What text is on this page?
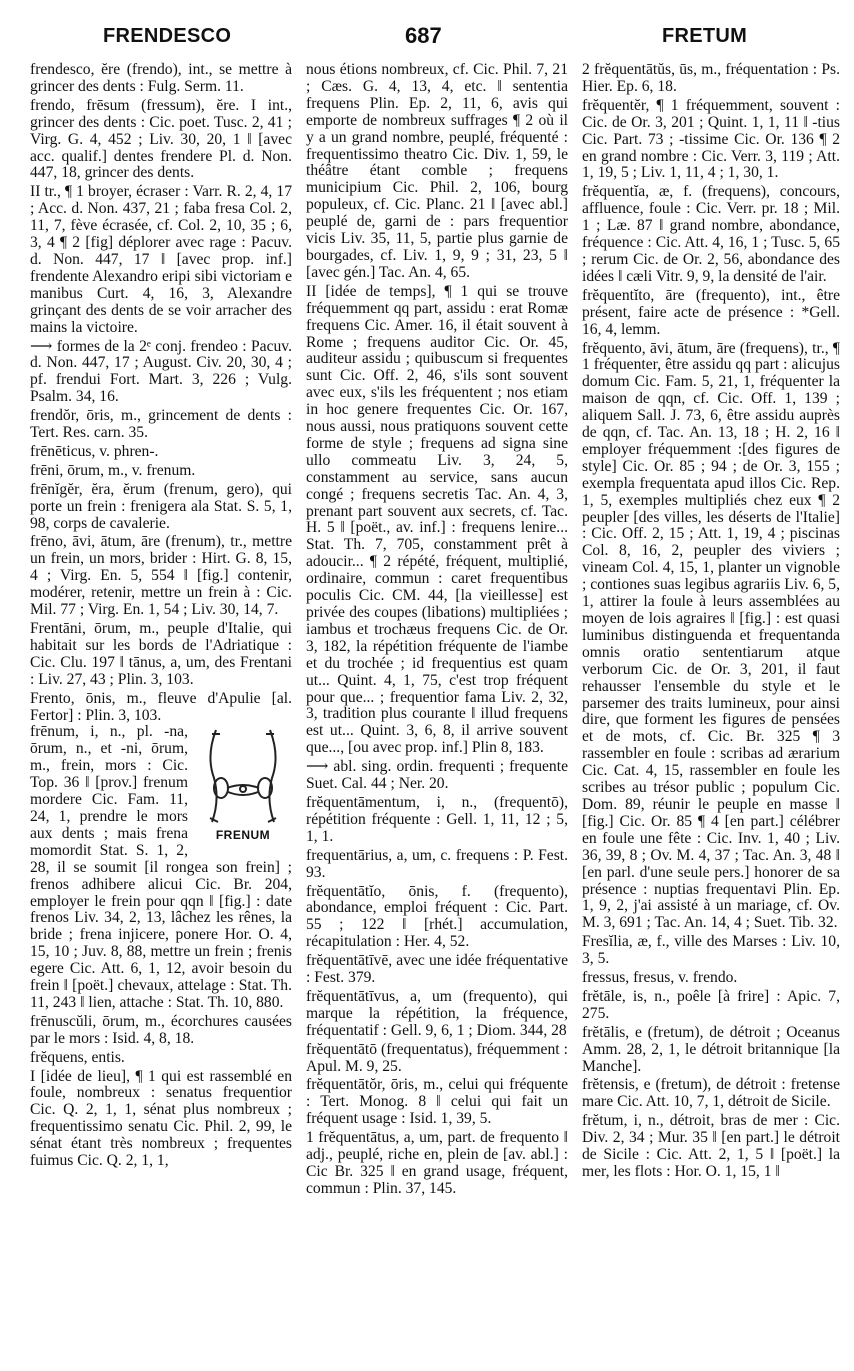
FRENDESCO	687	FRETUM

frendesco, ĕre (frendo), int., se mettre à grincer des dents : Fulg. Serm. 11.

frendo, frēsum (fressum), ĕre. I int., grincer des dents : Cic. poet. Tusc. 2, 41 ; Virg. G. 4, 452 ; Liv. 30, 20, 1 ‖ [avec acc. qualif.] dentes frendere Pl. d. Non. 447, 18, grincer des dents.

II tr., ¶ 1 broyer, écraser : Varr. R. 2, 4, 17 ; Acc. d. Non. 437, 21 ; faba fresa Col. 2, 11, 7, fève écrasée, cf. Col. 2, 10, 35 ; 6, 3, 4 ¶ 2 [fig] déplorer avec rage : Pacuv. d. Non. 447, 17 ‖ [avec prop. inf.] frendente Alexandro eripi sibi victoriam e manibus Curt. 4, 16, 3, Alexandre grinçant des dents de se voir arracher des mains la victoire.

⟶ formes de la 2ᵉ conj. frendeo : Pacuv. d. Non. 447, 17 ; August. Civ. 20, 30, 4 ; pf. frendui Fort. Mart. 3, 226 ; Vulg. Psalm. 34, 16.

frendŏr, ōris, m., grincement de dents : Tert. Res. carn. 35.

frēnēticus, v. phren-.

frēni, ōrum, m., v. frenum.

frēnĭgĕr, ĕra, ĕrum (frenum, gero), qui porte un frein : frenigera ala Stat. S. 5, 1, 98, corps de cavalerie.

frēno, āvi, ātum, āre (frenum), tr., mettre un frein, un mors, brider : Hirt. G. 8, 15, 4 ; Virg. En. 5, 554 ‖ [fig.] contenir, modérer, retenir, mettre un frein à : Cic. Mil. 77 ; Virg. En. 1, 54 ; Liv. 30, 14, 7.

Frentāni, ōrum, m., peuple d'Italie, qui habitait sur les bords de l'Adriatique : Cic. Clu. 197 ‖ tānus, a, um, des Frentani : Liv. 27, 43 ; Plin. 3, 103.

Frento, ōnis, m., fleuve d'Apulie [al. Fertor] : Plin. 3, 103.

FRENUM

frēnum, i, n., pl. -na, ōrum, n., et -ni, ōrum, m., frein, mors : Cic. Top. 36 ‖ [prov.] frenum mordere Cic. Fam. 11, 24, 1, prendre le mors aux dents ; mais frena momordit Stat. S. 1, 2, 28, il se soumit [il rongea son frein] ; frenos adhibere alicui Cic. Br. 204, employer le frein pour qqn ‖ [fig.] : date frenos Liv. 34, 2, 13, lâchez les rênes, la bride ; frena injicere, ponere Hor. O. 4, 15, 10 ; Juv. 8, 88, mettre un frein ; frenis egere Cic. Att. 6, 1, 12, avoir besoin du frein ‖ [poët.] chevaux, attelage : Stat. Th. 11, 243 ‖ lien, attache : Stat. Th. 10, 880.

frēnuscŭli, ōrum, m., écorchures causées par le mors : Isid. 4, 8, 18.

frĕquens, entis.

I [idée de lieu], ¶ 1 qui est rassemblé en foule, nombreux : senatus frequentior Cic. Q. 2, 1, 1, sénat plus nombreux ; frequentissimo senatu Cic. Phil. 2, 99, le sénat étant très nombreux ; frequentes fuimus Cic. Q. 2, 1, 1,

nous étions nombreux, cf. Cic. Phil. 7, 21 ; Cæs. G. 4, 13, 4, etc. ‖ sententia frequens Plin. Ep. 2, 11, 6, avis qui emporte de nombreux suffrages ¶ 2 où il y a un grand nombre, peuplé, fréquenté : frequentissimo theatro Cic. Div. 1, 59, le théâtre étant comble ; frequens municipium Cic. Phil. 2, 106, bourg populeux, cf. Cic. Planc. 21 ‖ [avec abl.] peuplé de, garni de : pars frequentior vicis Liv. 35, 11, 5, partie plus garnie de bourgades, cf. Liv. 1, 9, 9 ; 31, 23, 5 ‖ [avec gén.] Tac. An. 4, 65.

II [idée de temps], ¶ 1 qui se trouve fréquemment qq part, assidu : erat Romæ frequens Cic. Amer. 16, il était souvent à Rome ; frequens auditor Cic. Or. 45, auditeur assidu ; quibuscum si frequentes sunt Cic. Off. 2, 46, s'ils sont souvent avec eux, s'ils les fréquentent ; nos etiam in hoc genere frequentes Cic. Or. 167, nous aussi, nous pratiquons souvent cette forme de style ; frequens ad signa sine ullo commeatu Liv. 3, 24, 5, constamment au service, sans aucun congé ; frequens secretis Tac. An. 4, 3, prenant part souvent aux secrets, cf. Tac. H. 5 ‖ [poët., av. inf.] : frequens lenire... Stat. Th. 7, 705, constamment prêt à adoucir... ¶ 2 répété, fréquent, multiplié, ordinaire, commun : caret frequentibus poculis Cic. CM. 44, [la vieillesse] est privée des coupes (libations) multipliées ; iambus et trochæus frequens Cic. de Or. 3, 182, la répétition fréquente de l'iambe et du trochée ; id frequentius est quam ut... Quint. 4, 1, 75, c'est trop fréquent pour que... ; frequentior fama Liv. 2, 32, 3, tradition plus courante ‖ illud frequens est ut... Quint. 3, 6, 8, il arrive souvent que..., [ou avec prop. inf.] Plin 8, 183.

⟶ abl. sing. ordin. frequenti ; frequente Suet. Cal. 44 ; Ner. 20.

frĕquentāmentum, i, n., (frequentō), répétition fréquente : Gell. 1, 11, 12 ; 5, 1, 1.

frequentārius, a, um, c. frequens : P. Fest. 93.

frĕquentātĭo, ōnis, f. (frequento), abondance, emploi fréquent : Cic. Part. 55 ; 122 ‖ [rhét.] accumulation, récapitulation : Her. 4, 52.

frĕquentātīvē, avec une idée fréquentative : Fest. 379.

frĕquentātīvus, a, um (frequento), qui marque la répétition, la fréquence, fréquentatif : Gell. 9, 6, 1 ; Diom. 344, 28

frĕquentātō (frequentatus), fréquemment : Apul. M. 9, 25.

frĕquentātŏr, ōris, m., celui qui fréquente : Tert. Monog. 8 ‖ celui qui fait un fréquent usage : Isid. 1, 39, 5.

1 frĕquentātus, a, um, part. de frequento ‖ adj., peuplé, riche en, plein de [av. abl.] : Cic Br. 325 ‖ en grand usage, fréquent, commun : Plin. 37, 145.

2 frĕquentātŭs, ūs, m., fréquentation : Ps. Hier. Ep. 6, 18.

frĕquentĕr, ¶ 1 fréquemment, souvent : Cic. de Or. 3, 201 ; Quint. 1, 1, 11 ‖ -tius Cic. Part. 73 ; -tissime Cic. Or. 136 ¶ 2 en grand nombre : Cic. Verr. 3, 119 ; Att. 1, 19, 5 ; Liv. 1, 11, 4 ; 1, 30, 1.

frĕquentĭa, æ, f. (frequens), concours, affluence, foule : Cic. Verr. pr. 18 ; Mil. 1 ; Læ. 87 ‖ grand nombre, abondance, fréquence : Cic. Att. 4, 16, 1 ; Tusc. 5, 65 ; rerum Cic. de Or. 2, 56, abondance des idées ‖ cæli Vitr. 9, 9, la densité de l'air.

frĕquentĭto, āre (frequento), int., être présent, faire acte de présence : *Gell. 16, 4, lemm.

frĕquento, āvi, ātum, āre (frequens), tr., ¶ 1 fréquenter, être assidu qq part : alicujus domum Cic. Fam. 5, 21, 1, fréquenter la maison de qqn, cf. Cic. Off. 1, 139 ; aliquem Sall. J. 73, 6, être assidu auprès de qqn, cf. Tac. An. 13, 18 ; H. 2, 16 ‖ employer fréquemment :[des figures de style] Cic. Or. 85 ; 94 ; de Or. 3, 155 ; exempla frequentata apud illos Cic. Rep. 1, 5, exemples multipliés chez eux ¶ 2 peupler [des villes, les déserts de l'Italie] : Cic. Off. 2, 15 ; Att. 1, 19, 4 ; piscinas Col. 8, 16, 2, peupler des viviers ; vineam Col. 4, 15, 1, planter un vignoble ; contiones suas legibus agrariis Liv. 6, 5, 1, attirer la foule à leurs assemblées au moyen de lois agraires ‖ [fig.] : est quasi luminibus distinguenda et frequentanda omnis oratio sententiarum atque verborum Cic. de Or. 3, 201, il faut rehausser l'ensemble du style et le parsemer des traits lumineux, pour ainsi dire, que forment les figures de pensées et de mots, cf. Cic. Br. 325 ¶ 3 rassembler en foule : scribas ad ærarium Cic. Cat. 4, 15, rassembler en foule les scribes au trésor public ; populum Cic. Dom. 89, réunir le peuple en masse ‖ [fig.] Cic. Or. 85 ¶ 4 [en part.] célébrer en foule une fête : Cic. Inv. 1, 40 ; Liv. 36, 39, 8 ; Ov. M. 4, 37 ; Tac. An. 3, 48 ‖ [en parl. d'une seule pers.] honorer de sa présence : nuptias frequentavi Plin. Ep. 1, 9, 2, j'ai assisté à un mariage, cf. Ov. M. 3, 691 ; Tac. An. 14, 4 ; Suet. Tib. 32.

Fresĭlia, æ, f., ville des Marses : Liv. 10, 3, 5.

fressus, fresus, v. frendo.

frĕtāle, is, n., poêle [à frire] : Apic. 7, 275.

frĕtālis, e (fretum), de détroit ; Oceanus Amm. 28, 2, 1, le détroit britannique [la Manche].

frĕtensis, e (fretum), de détroit : fretense mare Cic. Att. 10, 7, 1, détroit de Sicile.

frĕtum, i, n., détroit, bras de mer : Cic. Div. 2, 34 ; Mur. 35 ‖ [en part.] le détroit de Sicile : Cic. Att. 2, 1, 5 ‖ [poët.] la mer, les flots : Hor. O. 1, 15, 1 ‖
